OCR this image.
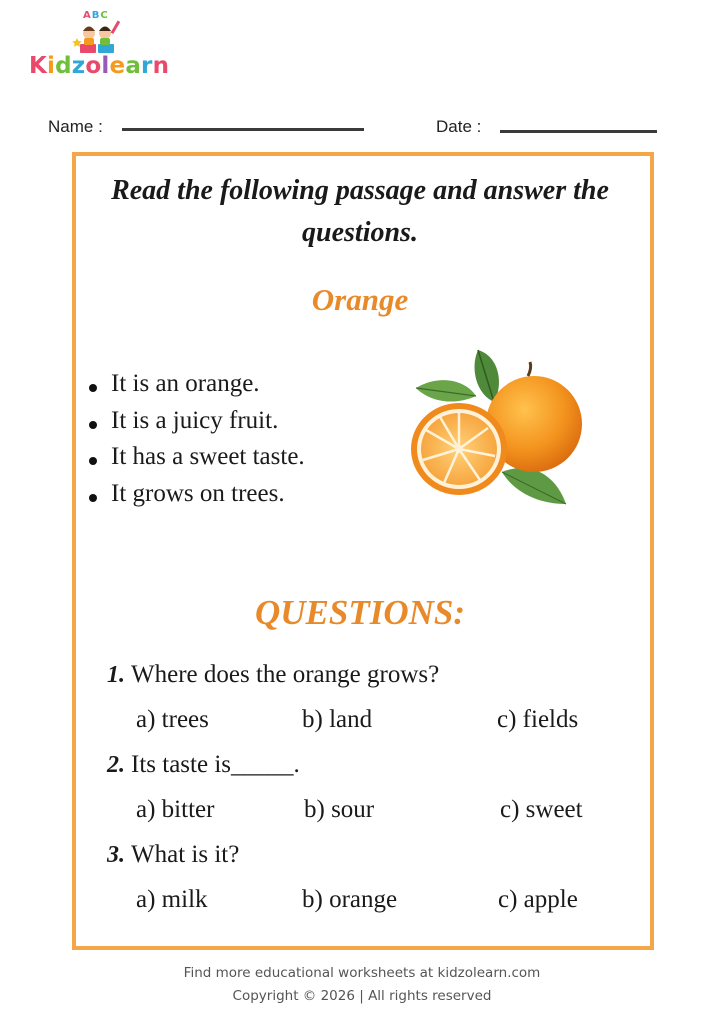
ABC
Kidzolearn
Name :	Date :
Read the following passage and answer the questions.
Orange
It is an orange.
It is a juicy fruit.
It has a sweet taste.
It grows on trees.
QUESTIONS:
1. Where does the orange grows?
a) trees	b) land	c) fields
2. Its taste is_____.
a) bitter	b) sour	c) sweet
3. What is it?
a) milk	b) orange	c) apple
Find more educational worksheets at kidzolearn.com
Copyright © 2026 | All rights reserved
